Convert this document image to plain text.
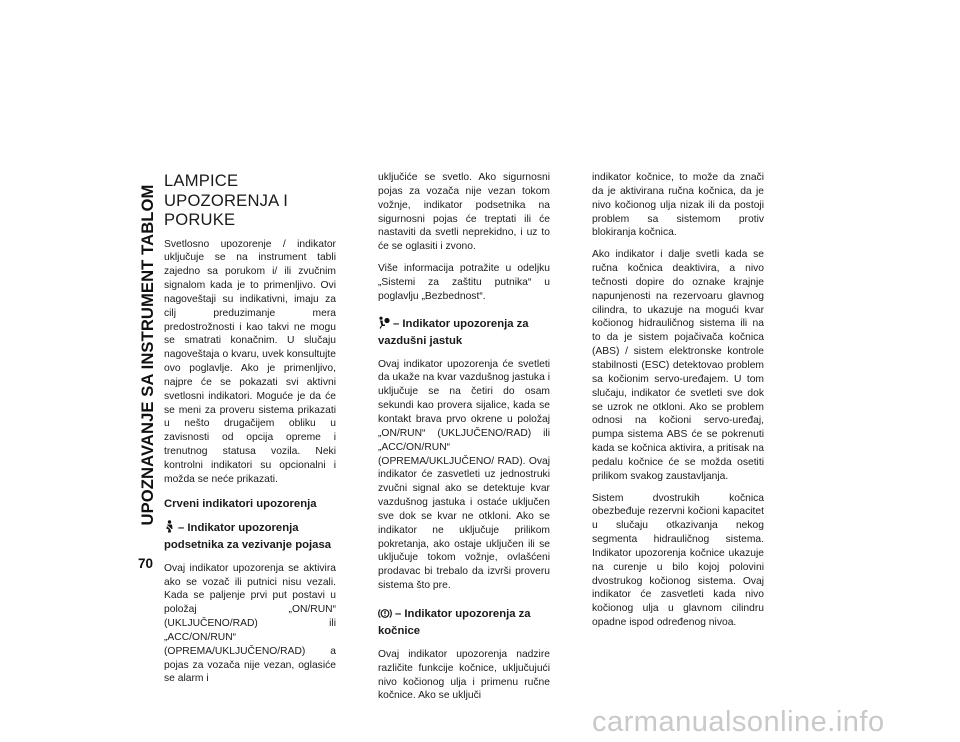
UPOZNAVANJE SA INSTRUMENT TABLOM
70
LAMPICE UPOZORENJA I PORUKE

Svetlosno upozorenje / indikator uključuje se na instrument tabli zajedno sa porukom i/ ili zvučnim signalom kada je to primenljivo. Ovi nagoveštaji su indikativni, imaju za cilj preduzimanje mera predostrožnosti i kao takvi ne mogu se smatrati konačnim. U slučaju nagoveštaja o kvaru, uvek konsultujte ovo poglavlje. Ako je primenljivo, najpre će se pokazati svi aktivni svetlosni indikatori. Moguće je da će se meni za proveru sistema prikazati u nešto drugačijem obliku u zavisnosti od opcija opreme i trenutnog statusa vozila. Neki kontrolni indikatori su opcionalni i možda se neće prikazati.

Crveni indikatori upozorenja
– Indikator upozorenja podsetnika za vezivanje pojasa

Ovaj indikator upozorenja se aktivira ako se vozač ili putnici nisu vezali. Kada se paljenje prvi put postavi u položaj „ON/RUN“ (UKLJUČENO/RAD) ili „ACC/ON/RUN“ (OPREMA/UKLJUČENO/RAD) a pojas za vozača nije vezan, oglasiće se alarm i

uključiće se svetlo. Ako sigurnosni pojas za vozača nije vezan tokom vožnje, indikator podsetnika na sigurnosni pojas će treptati ili će nastaviti da svetli neprekidno, i uz to će se oglasiti i zvono.

Više informacija potražite u odeljku „Sistemi za zaštitu putnika“ u poglavlju „Bezbednost“.

– Indikator upozorenja za vazdušni jastuk

Ovaj indikator upozorenja će svetleti da ukaže na kvar vazdušnog jastuka i uključuje se na četiri do osam sekundi kao provera sijalice, kada se kontakt brava prvo okrene u položaj „ON/RUN“ (UKLJUČENO/RAD) ili „ACC/ON/RUN“ (OPREMA/UKLJUČENO/ RAD). Ovaj indikator će zasvetleti uz jednostruki zvučni signal ako se detektuje kvar vazdušnog jastuka i ostaće uključen sve dok se kvar ne otkloni. Ako se indikator ne uključuje prilikom pokretanja, ako ostaje uključen ili se uključuje tokom vožnje, ovlašćeni prodavac bi trebalo da izvrši proveru sistema što pre.

– Indikator upozorenja za kočnice

Ovaj indikator upozorenja nadzire različite funkcije kočnice, uključujući nivo kočionog ulja i primenu ručne kočnice. Ako se uključi

indikator kočnice, to može da znači da je aktivirana ručna kočnica, da je nivo kočionog ulja nizak ili da postoji problem sa sistemom protiv blokiranja kočnica.

Ako indikator i dalje svetli kada se ručna kočnica deaktivira, a nivo tečnosti dopire do oznake krajnje napunjenosti na rezervoaru glavnog cilindra, to ukazuje na mogući kvar kočionog hidrauličnog sistema ili na to da je sistem pojačivača kočnica (ABS) / sistem elektronske kontrole stabilnosti (ESC) detektovao problem sa kočionim servo-uređajem. U tom slučaju, indikator će svetleti sve dok se uzrok ne otkloni. Ako se problem odnosi na kočioni servo-uređaj, pumpa sistema ABS će se pokrenuti kada se kočnica aktivira, a pritisak na pedalu kočnice će se možda osetiti prilikom svakog zaustavljanja.

Sistem dvostrukih kočnica obezbeđuje rezervni kočioni kapacitet u slučaju otkazivanja nekog segmenta hidrauličnog sistema. Indikator upozorenja kočnice ukazuje na curenje u bilo kojoj polovini dvostrukog kočionog sistema. Ovaj indikator će zasvetleti kada nivo kočionog ulja u glavnom cilindru opadne ispod određenog nivoa.

carmanualsonline.info
